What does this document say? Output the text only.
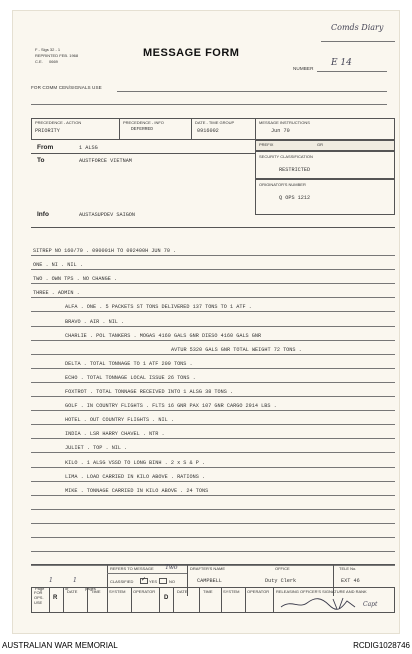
F - Sigs 32 - 1
REPRINTED FEB. 1968
C.E. 0669
MESSAGE FORM
Comds Diary
NUMBER
E 14
FOR COMM CEN/SIGNALS USE
PRECEDENCE - ACTION
PRIORITY
PRECEDENCE - INFO
DEFERRED
DATE - TIME GROUP
0916002
MESSAGE INSTRUCTIONS
Jun 70
From	1 ALSG
PREFIX	GR
To	AUSTFORCE VIETNAM
SECURITY CLASSIFICATION
RESTRICTED
ORIGINATOR'S NUMBER
Q OPS 1212
Info	AUSTASUPDEV SAIGON
SITREP NO 160/70 . 090001H TO 092400H JUN 70 .
ONE . NI . NIL .
TWO . OWN TPS . NO CHANGE .
THREE . ADMIN .
ALFA . ONE . 5 PACKETS ST TONS DELIVERED 137 TONS TO 1 ATF .
BRAVO . AIR . NIL .
CHARLIE . POL TANKERS . MOGAS 4160 GALS GNR DIESO 4160 GALS GNR
AVTUR 5320 GALS GNR TOTAL WEIGHT 72 TONS .
DELTA . TOTAL TONNAGE TO 1 ATF 209 TONS .
ECHO . TOTAL TONNAGE LOCAL ISSUE 26 TONS .
FOXTROT . TOTAL TONNAGE RECEIVED INTO 1 ALSG 38 TONS .
GOLF . IN COUNTRY FLIGHTS . FLTS 16 GNR PAX 107 GNR CARGO 2914 LBS .
HOTEL . OUT COUNTRY FLIGHTS . NIL .
INDIA . LSR HARRY CHAVEL . NTR .
JULIET . TOP . NIL .
KILO . 1 ALSG VSSD TO LONG BINH . 2 x S & P .
LIMA . LOAD CARRIED IN KILO ABOVE . RATIONS .
MIKE . TONNAGE CARRIED IN KILO ABOVE . 24 TONS
Page
1
of
1
pages
REFERS TO MESSAGE Two
CLASSIFIED ✓ YES	NO
DRAFTER'S NAME
CAMPBELL
OFFICE
Duty Clerk
TELE No.
EXT 46
FOR
OPS.
USE
R
DATE	TIME SYSTEM OPERATOR
D
DATE	TIME	SYSTEM OPERATOR RELEASING OFFICER'S SIGNATURE AND RANK
Capt
AUSTRALIAN WAR MEMORIAL	RCDIG1028746
